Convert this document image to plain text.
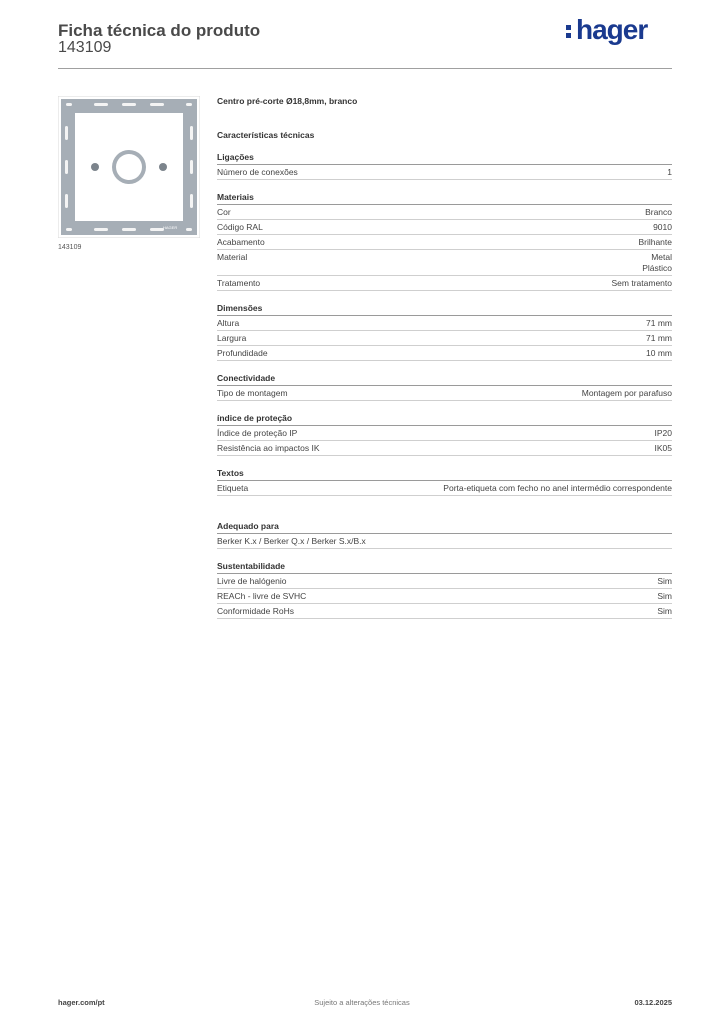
Ficha técnica do produto
143109
hager
HAGER
143109
Centro pré-corte Ø18,8mm, branco
Características técnicas
Ligações
Número de conexões	1
Materiais
Cor	Branco
Código RAL	9010
Acabamento	Brilhante
Material	Metal
Plástico
Tratamento	Sem tratamento
Dimensões
Altura	71 mm
Largura	71 mm
Profundidade	10 mm
Conectividade
Tipo de montagem	Montagem por parafuso
índice de proteção
Índice de proteção IP	IP20
Resistência ao impactos IK	IK05
Textos
Etiqueta	Porta-etiqueta com fecho no anel intermédio correspondente
Adequado para
Berker K.x / Berker Q.x / Berker S.x/B.x
Sustentabilidade
Livre de halógenio	Sim
REACh - livre de SVHC	Sim
Conformidade RoHs	Sim
hager.com/pt	Sujeito a alterações técnicas	03.12.2025
